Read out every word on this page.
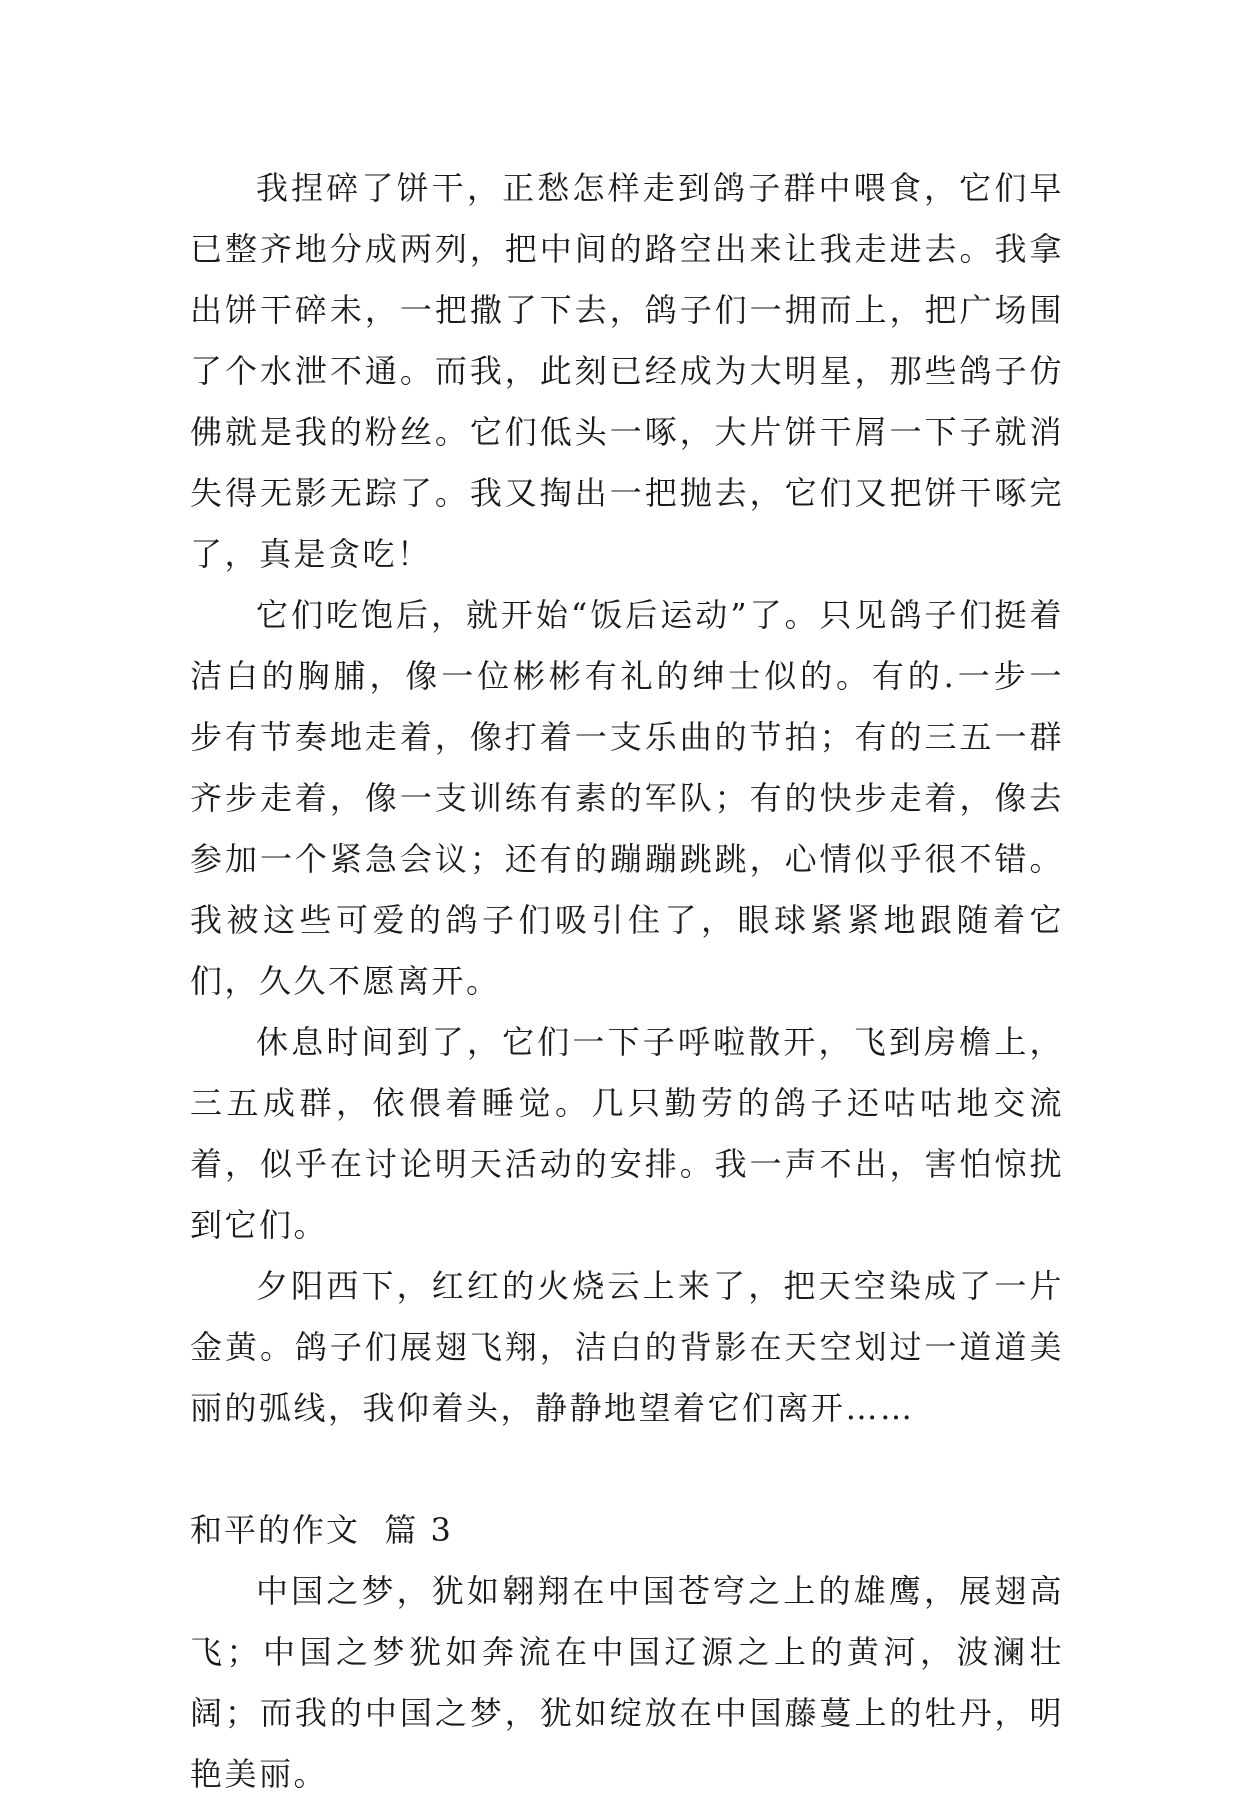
我捏碎了饼干，正愁怎样走到鸽子群中喂食，它们早已整齐地分成两列，把中间的路空出来让我走进去。我拿出饼干碎未，一把撒了下去，鸽子们一拥而上，把广场围了个水泄不通。而我，此刻已经成为大明星，那些鸽子仿佛就是我的粉丝。它们低头一啄，大片饼干屑一下子就消失得无影无踪了。我又掏出一把抛去，它们又把饼干啄完了，真是贪吃！

它们吃饱后，就开始“饭后运动”了。只见鸽子们挺着洁白的胸脯，像一位彬彬有礼的绅士似的。有的.一步一步有节奏地走着，像打着一支乐曲的节拍；有的三五一群齐步走着，像一支训练有素的军队；有的快步走着，像去参加一个紧急会议；还有的蹦蹦跳跳，心情似乎很不错。我被这些可爱的鸽子们吸引住了，眼球紧紧地跟随着它们，久久不愿离开。

休息时间到了，它们一下子呼啦散开，飞到房檐上，三五成群，依偎着睡觉。几只勤劳的鸽子还咕咕地交流着，似乎在讨论明天活动的安排。我一声不出，害怕惊扰到它们。

夕阳西下，红红的火烧云上来了，把天空染成了一片金黄。鸽子们展翅飞翔，洁白的背影在天空划过一道道美丽的弧线，我仰着头，静静地望着它们离开……

和平的作文  篇 3

中国之梦，犹如翱翔在中国苍穹之上的雄鹰，展翅高飞；中国之梦犹如奔流在中国辽源之上的黄河，波澜壮阔；而我的中国之梦，犹如绽放在中国藤蔓上的牡丹，明艳美丽。
